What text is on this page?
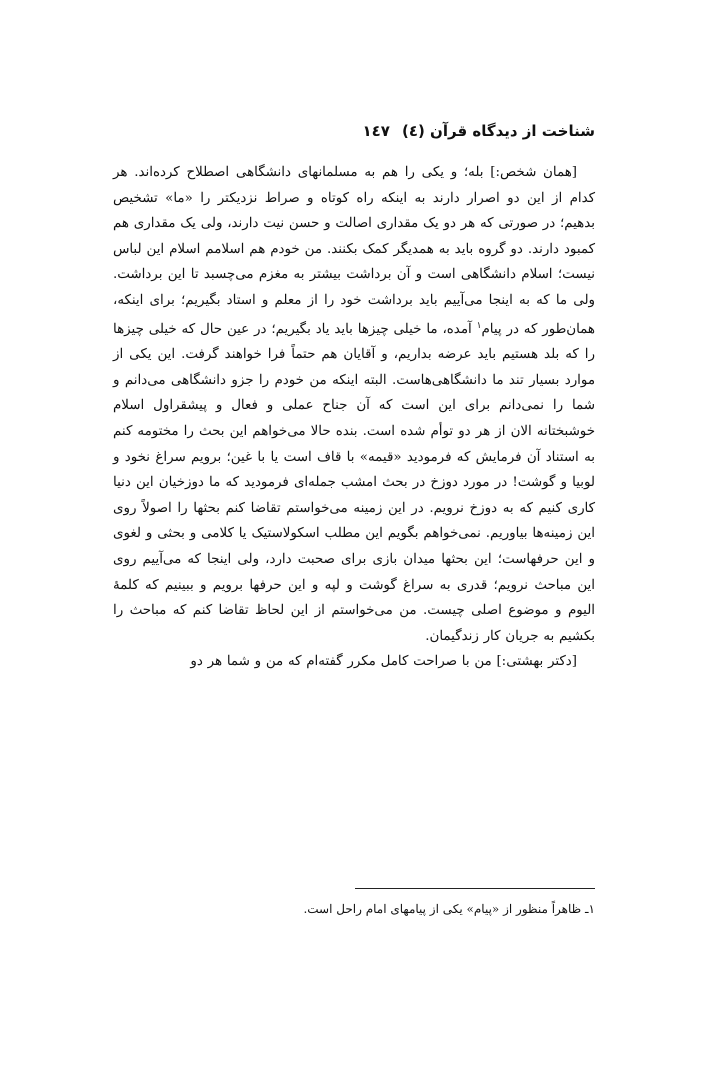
شناخت از دیدگاه قرآن (٤)
١٤٧

[همان شخص:] بله؛ و یکی را هم به مسلمانهای دانشگاهی اصطلاح کرده‌اند. هر کدام از این دو اصرار دارند به اینکه راه کوتاه و صراط نزدیکتر را «ما» تشخیص بدهیم؛ در صورتی که هر دو یک مقداری اصالت و حسن نیت دارند، ولی یک مقداری هم کمبود دارند. دو گروه باید به همدیگر کمک بکنند. من خودم هم اسلامم اسلام این لباس نیست؛ اسلام دانشگاهی است و آن برداشت بیشتر به مغزم می‌چسبد تا این برداشت. ولی ما که به اینجا می‌آییم باید برداشت خود را از معلم و استاد بگیریم؛ برای اینکه، همان‌طور که در پیام$^١$ آمده، ما خیلی چیزها باید یاد بگیریم؛ در عین حال که خیلی چیزها را که بلد هستیم باید عرضه بداریم، و آقایان هم حتماً فرا خواهند گرفت. این یکی از موارد بسیار تند ما دانشگاهی‌هاست. البته اینکه من خودم را جزو دانشگاهی می‌دانم و شما را نمی‌دانم برای این است که آن جناح عملی و فعال و پیشقراول اسلام خوشبختانه الان از هر دو توأم شده است. بنده حالا می‌خواهم این بحث را مختومه کنم به استناد آن فرمایش که فرمودید «قیمه» با قاف است یا با غین؛ برویم سراغ نخود و لوبیا و گوشت! در مورد دوزخ در بحث امشب جمله‌ای فرمودید که ما دوزخیان این دنیا کاری کنیم که به دوزخ نرویم. در این زمینه می‌خواستم تقاضا کنم بحثها را اصولاً روی این زمینه‌ها بیاوریم. نمی‌خواهم بگویم این مطلب اسکولاستیک یا کلامی و بحثی و لغوی و این حرفهاست؛ این بحثها میدان بازی برای صحبت دارد، ولی اینجا که می‌آییم روی این مباحث نرویم؛ قدری به سراغ گوشت و لپه و این حرفها برویم و ببینیم که کلمهٔ الیوم و موضوع اصلی چیست. من می‌خواستم از این لحاظ تقاضا کنم که مباحث را بکشیم به جریان کار زندگیمان.

[دکتر بهشتی:] من با صراحت کامل مکرر گفته‌ام که من و شما هر دو

١ـ ظاهراً منظور از «پیام» یکی از پیامهای امام راحل است.
